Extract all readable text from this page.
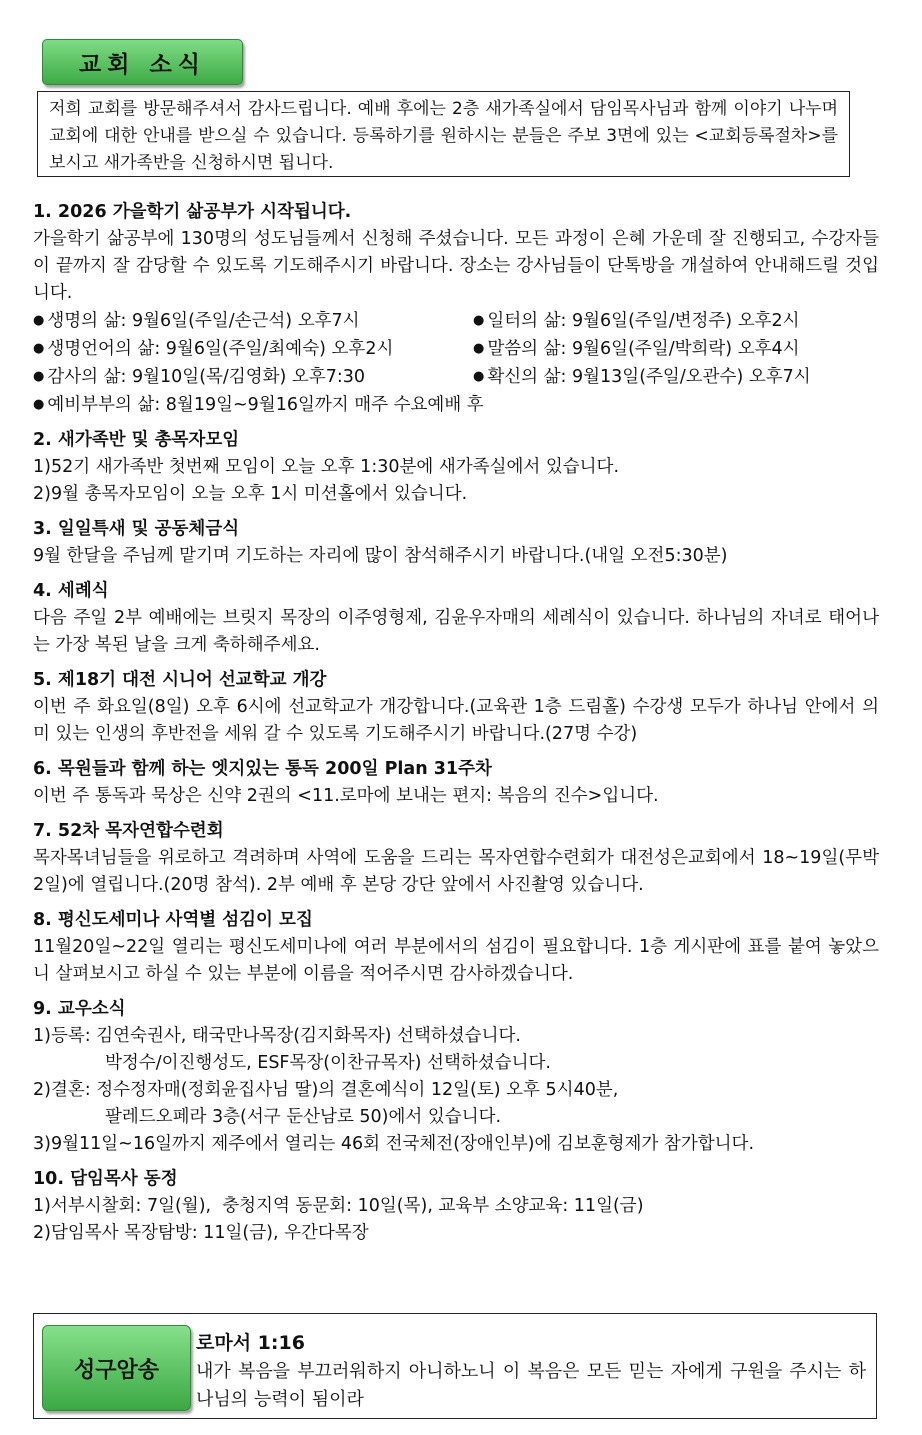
교회 소식
저희 교회를 방문해주셔서 감사드립니다. 예배 후에는 2층 새가족실에서 담임목사님과 함께 이야기 나누며 교회에 대한 안내를 받으실 수 있습니다. 등록하기를 원하시는 분들은 주보 3면에 있는 <교회등록절차>를 보시고 새가족반을 신청하시면 됩니다.
1. 2026 가을학기 삶공부가 시작됩니다.
가을학기 삶공부에 130명의 성도님들께서 신청해 주셨습니다. 모든 과정이 은혜 가운데 잘 진행되고, 수강자들이 끝까지 잘 감당할 수 있도록 기도해주시기 바랍니다. 장소는 강사님들이 단톡방을 개설하여 안내해드릴 것입니다.
● 생명의 삶: 9월6일(주일/손근석) 오후7시	● 일터의 삶: 9월6일(주일/변정주) 오후2시
● 생명언어의 삶: 9월6일(주일/최예숙) 오후2시	● 말씀의 삶: 9월6일(주일/박희락) 오후4시
● 감사의 삶: 9월10일(목/김영화) 오후7:30	● 확신의 삶: 9월13일(주일/오관수) 오후7시
● 예비부부의 삶: 8월19일~9월16일까지 매주 수요예배 후
2. 새가족반 및 총목자모임
1)52기 새가족반 첫번째 모임이 오늘 오후 1:30분에 새가족실에서 있습니다.
2)9월 총목자모임이 오늘 오후 1시 미션홀에서 있습니다.
3. 일일특새 및 공동체금식
9월 한달을 주님께 맡기며 기도하는 자리에 많이 참석해주시기 바랍니다.(내일 오전5:30분)
4. 세례식
다음 주일 2부 예배에는 브릿지 목장의 이주영형제, 김윤우자매의 세례식이 있습니다. 하나님의 자녀로 태어나는 가장 복된 날을 크게 축하해주세요.
5. 제18기 대전 시니어 선교학교 개강
이번 주 화요일(8일) 오후 6시에 선교학교가 개강합니다.(교육관 1층 드림홀) 수강생 모두가 하나님 안에서 의미 있는 인생의 후반전을 세워 갈 수 있도록 기도해주시기 바랍니다.(27명 수강)
6. 목원들과 함께 하는 엣지있는 통독 200일 Plan 31주차
이번 주 통독과 묵상은 신약 2권의 <11.로마에 보내는 편지: 복음의 진수>입니다.
7. 52차 목자연합수련회
목자목녀님들을 위로하고 격려하며 사역에 도움을 드리는 목자연합수련회가 대전성은교회에서 18~19일(무박2일)에 열립니다.(20명 참석). 2부 예배 후 본당 강단 앞에서 사진촬영 있습니다.
8. 평신도세미나 사역별 섬김이 모집
11월20일~22일 열리는 평신도세미나에 여러 부분에서의 섬김이 필요합니다. 1층 게시판에 표를 붙여 놓았으니 살펴보시고 하실 수 있는 부분에 이름을 적어주시면 감사하겠습니다.
9. 교우소식
1)등록: 김연숙권사, 태국만나목장(김지화목자) 선택하셨습니다.
박정수/이진행성도, ESF목장(이찬규목자) 선택하셨습니다.
2)결혼: 정수정자매(정회윤집사님 딸)의 결혼예식이 12일(토) 오후 5시40분,
팔레드오페라 3층(서구 둔산남로 50)에서 있습니다.
3)9월11일~16일까지 제주에서 열리는 46회 전국체전(장애인부)에 김보훈형제가 참가합니다.
10. 담임목사 동정
1)서부시찰회: 7일(월),  충청지역 동문회: 10일(목), 교육부 소양교육: 11일(금)
2)담임목사 목장탐방: 11일(금), 우간다목장
성구암송
로마서 1:16
내가 복음을 부끄러워하지 아니하노니 이 복음은 모든 믿는 자에게 구원을 주시는 하나님의 능력이 됨이라
